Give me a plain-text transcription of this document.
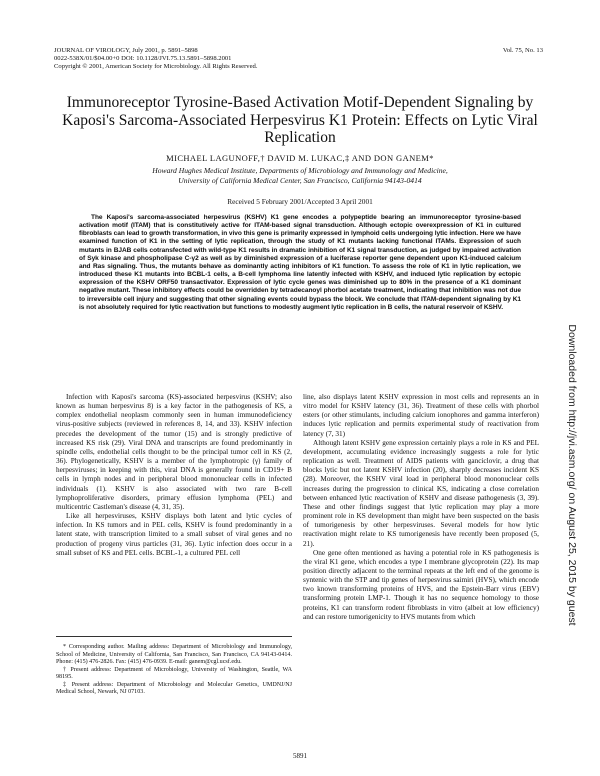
JOURNAL OF VIROLOGY, July 2001, p. 5891–5898
0022-538X/01/$04.00+0 DOI: 10.1128/JVI.75.13.5891–5898.2001
Copyright © 2001, American Society for Microbiology. All Rights Reserved.
Vol. 75, No. 13
Immunoreceptor Tyrosine-Based Activation Motif-Dependent Signaling by Kaposi's Sarcoma-Associated Herpesvirus K1 Protein: Effects on Lytic Viral Replication
MICHAEL LAGUNOFF,† DAVID M. LUKAC,‡ AND DON GANEM*
Howard Hughes Medical Institute, Departments of Microbiology and Immunology and Medicine,
University of California Medical Center, San Francisco, California 94143-0414
Received 5 February 2001/Accepted 3 April 2001
The Kaposi's sarcoma-associated herpesvirus (KSHV) K1 gene encodes a polypeptide bearing an immunoreceptor tyrosine-based activation motif (ITAM) that is constitutively active for ITAM-based signal transduction. Although ectopic overexpression of K1 in cultured fibroblasts can lead to growth transformation, in vivo this gene is primarily expressed in lymphoid cells undergoing lytic infection. Here we have examined function of K1 in the setting of lytic replication, through the study of K1 mutants lacking functional ITAMs. Expression of such mutants in BJAB cells cotransfected with wild-type K1 results in dramatic inhibition of K1 signal transduction, as judged by impaired activation of Syk kinase and phospholipase C-γ2 as well as by diminished expression of a luciferase reporter gene dependent upon K1-induced calcium and Ras signaling. Thus, the mutants behave as dominantly acting inhibitors of K1 function. To assess the role of K1 in lytic replication, we introduced these K1 mutants into BCBL-1 cells, a B-cell lymphoma line latently infected with KSHV, and induced lytic replication by ectopic expression of the KSHV ORF50 transactivator. Expression of lytic cycle genes was diminished up to 80% in the presence of a K1 dominant negative mutant. These inhibitory effects could be overridden by tetradecanoyl phorbol acetate treatment, indicating that inhibition was not due to irreversible cell injury and suggesting that other signaling events could bypass the block. We conclude that ITAM-dependent signaling by K1 is not absolutely required for lytic reactivation but functions to modestly augment lytic replication in B cells, the natural reservoir of KSHV.

Infection with Kaposi's sarcoma (KS)-associated herpesvirus (KSHV; also known as human herpesvirus 8) is a key factor in the pathogenesis of KS, a complex endothelial neoplasm commonly seen in human immunodeficiency virus-positive subjects (reviewed in references 8, 14, and 33). KSHV infection precedes the development of the tumor (15) and is strongly predictive of increased KS risk (29). Viral DNA and transcripts are found predominantly in spindle cells, endothelial cells thought to be the principal tumor cell in KS (2, 36). Phylogenetically, KSHV is a member of the lymphotropic (γ) family of herpesviruses; in keeping with this, viral DNA is generally found in CD19+ B cells in lymph nodes and in peripheral blood mononuclear cells in infected individuals (1). KSHV is also associated with two rare B-cell lymphoproliferative disorders, primary effusion lymphoma (PEL) and multicentric Castleman's disease (4, 31, 35).

Like all herpesviruses, KSHV displays both latent and lytic cycles of infection. In KS tumors and in PEL cells, KSHV is found predominantly in a latent state, with transcription limited to a small subset of viral genes and no production of progeny virus particles (31, 36). Lytic infection does occur in a small subset of KS and PEL cells. BCBL-1, a cultured PEL cell

line, also displays latent KSHV expression in most cells and represents an in vitro model for KSHV latency (31, 36). Treatment of these cells with phorbol esters (or other stimulants, including calcium ionophores and gamma interferon) induces lytic replication and permits experimental study of reactivation from latency (7, 31)

Although latent KSHV gene expression certainly plays a role in KS and PEL development, accumulating evidence increasingly suggests a role for lytic replication as well. Treatment of AIDS patients with ganciclovir, a drug that blocks lytic but not latent KSHV infection (20), sharply decreases incident KS (28). Moreover, the KSHV viral load in peripheral blood mononuclear cells increases during the progression to clinical KS, indicating a close correlation between enhanced lytic reactivation of KSHV and disease pathogenesis (3, 39). These and other findings suggest that lytic replication may play a more prominent role in KS development than might have been suspected on the basis of tumorigenesis by other herpesviruses. Several models for how lytic reactivation might relate to KS tumorigenesis have recently been proposed (5, 21).

One gene often mentioned as having a potential role in KS pathogenesis is the viral K1 gene, which encodes a type I membrane glycoprotein (22). Its map position directly adjacent to the terminal repeats at the left end of the genome is syntenic with the STP and tip genes of herpesvirus saimiri (HVS), which encode two known transforming proteins of HVS, and the Epstein-Barr virus (EBV) transforming protein LMP-1. Though it has no sequence homology to those proteins, K1 can transform rodent fibroblasts in vitro (albeit at low efficiency) and can restore tumorigenicity to HVS mutants from which

* Corresponding author. Mailing address: Department of Microbiology and Immunology, School of Medicine, University of California, San Francisco, San Francisco, CA 94143-0414. Phone: (415) 476-2826. Fax: (415) 476-0939. E-mail: ganem@cgl.ucsf.edu.

† Present address: Department of Microbiology, University of Washington, Seattle, WA 98195.

‡ Present address: Department of Microbiology and Molecular Genetics, UMDNJ/NJ Medical School, Newark, NJ 07103.

5891
Downloaded from http://jvi.asm.org/ on August 25, 2015 by guest
